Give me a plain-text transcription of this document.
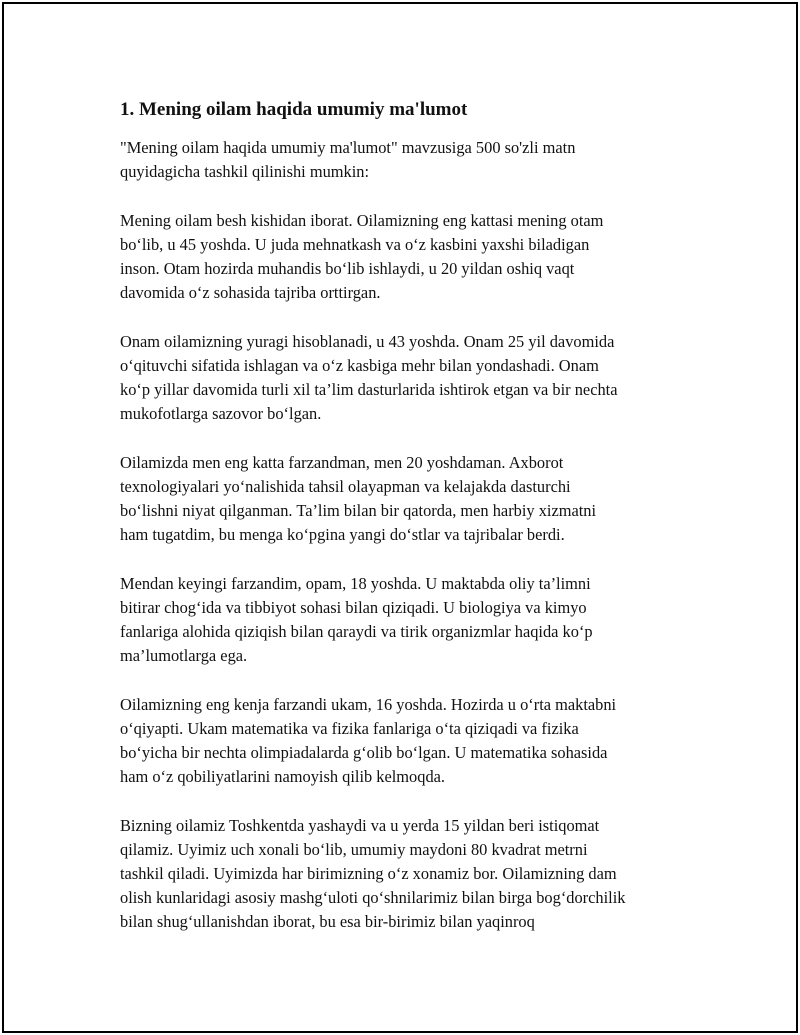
1. Mening oilam haqida umumiy ma'lumot

"Mening oilam haqida umumiy ma'lumot" mavzusiga 500 so'zli matn
quyidagicha tashkil qilinishi mumkin:

Mening oilam besh kishidan iborat. Oilamizning eng kattasi mening otam
bo‘lib, u 45 yoshda. U juda mehnatkash va o‘z kasbini yaxshi biladigan
inson. Otam hozirda muhandis bo‘lib ishlaydi, u 20 yildan oshiq vaqt
davomida o‘z sohasida tajriba orttirgan.

Onam oilamizning yuragi hisoblanadi, u 43 yoshda. Onam 25 yil davomida
o‘qituvchi sifatida ishlagan va o‘z kasbiga mehr bilan yondashadi. Onam
ko‘p yillar davomida turli xil ta’lim dasturlarida ishtirok etgan va bir nechta
mukofotlarga sazovor bo‘lgan.

Oilamizda men eng katta farzandman, men 20 yoshdaman. Axborot
texnologiyalari yo‘nalishida tahsil olayapman va kelajakda dasturchi
bo‘lishni niyat qilganman. Ta’lim bilan bir qatorda, men harbiy xizmatni
ham tugatdim, bu menga ko‘pgina yangi do‘stlar va tajribalar berdi.

Mendan keyingi farzandim, opam, 18 yoshda. U maktabda oliy ta’limni
bitirar chog‘ida va tibbiyot sohasi bilan qiziqadi. U biologiya va kimyo
fanlariga alohida qiziqish bilan qaraydi va tirik organizmlar haqida ko‘p
ma’lumotlarga ega.

Oilamizning eng kenja farzandi ukam, 16 yoshda. Hozirda u o‘rta maktabni
o‘qiyapti. Ukam matematika va fizika fanlariga o‘ta qiziqadi va fizika
bo‘yicha bir nechta olimpiadalarda g‘olib bo‘lgan. U matematika sohasida
ham o‘z qobiliyatlarini namoyish qilib kelmoqda.

Bizning oilamiz Toshkentda yashaydi va u yerda 15 yildan beri istiqomat
qilamiz. Uyimiz uch xonali bo‘lib, umumiy maydoni 80 kvadrat metrni
tashkil qiladi. Uyimizda har birimizning o‘z xonamiz bor. Oilamizning dam
olish kunlaridagi asosiy mashg‘uloti qo‘shnilarimiz bilan birga bog‘dorchilik
bilan shug‘ullanishdan iborat, bu esa bir-birimiz bilan yaqinroq
